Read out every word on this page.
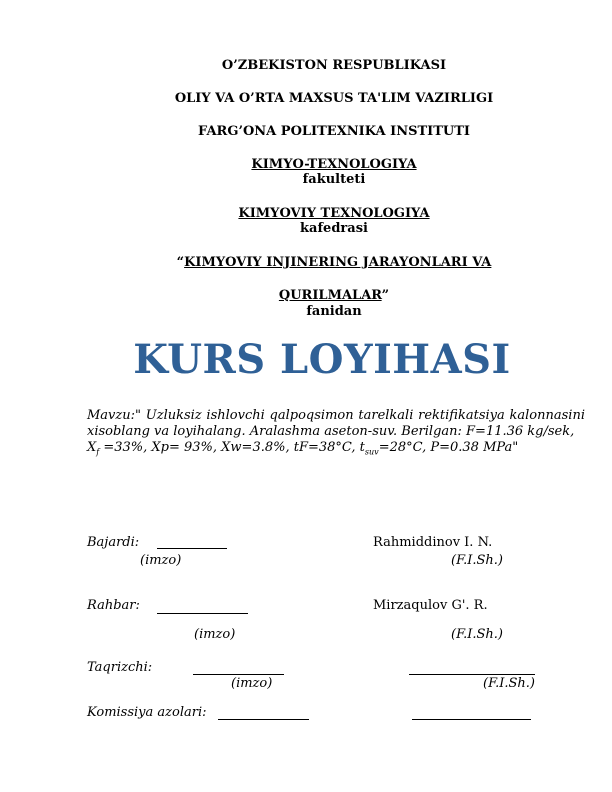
O’ZBEKISTON RESPUBLIKASI
OLIY VA O’RTA MAXSUS TA'LIM VAZIRLIGI
FARG’ONA POLITEXNIKA INSTITUTI
KIMYO-TEXNOLOGIYA
fakulteti
KIMYOVIY TEXNOLOGIYA
kafedrasi
“KIMYOVIY INJINERING JARAYONLARI VA
QURILMALAR”
fanidan
KURS LOYIHASI
Mavzu:" Uzluksiz ishlovchi qalpoqsimon tarelkali rektifikatsiya kalonnasini xisoblang va loyihalang. Aralashma aseton-suv. Berilgan: F=11.36 kg/sek,
$X_f =33\%$, Xp= 93%, Xw=3.8%, tF=38°C, $t_{suv}=28^\circ C$, P=0.38 MPa"
Bajardi:	Rahmiddinov I. N.
(imzo)	(F.I.Sh.)
Rahbar:	Mirzaqulov G'. R.
(imzo)	(F.I.Sh.)
Taqrizchi:
(imzo)	(F.I.Sh.)
Komissiya azolari:
